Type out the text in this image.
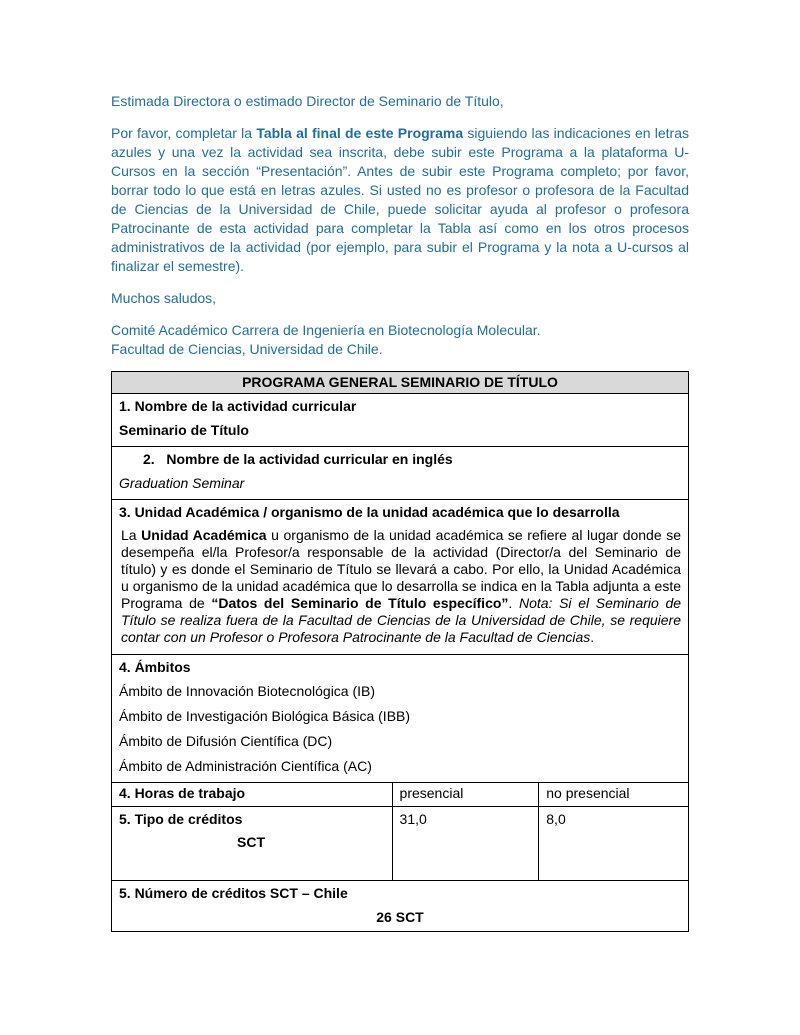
Estimada Directora o estimado Director de Seminario de Título,

Por favor, completar la Tabla al final de este Programa siguiendo las indicaciones en letras azules y una vez la actividad sea inscrita, debe subir este Programa a la plataforma U-Cursos en la sección “Presentación”. Antes de subir este Programa completo; por favor, borrar todo lo que está en letras azules. Si usted no es profesor o profesora de la Facultad de Ciencias de la Universidad de Chile, puede solicitar ayuda al profesor o profesora Patrocinante de esta actividad para completar la Tabla así como en los otros procesos administrativos de la actividad (por ejemplo, para subir el Programa y la nota a U-cursos al finalizar el semestre).

Muchos saludos,

Comité Académico Carrera de Ingeniería en Biotecnología Molecular.

Facultad de Ciencias, Universidad de Chile.

PROGRAMA GENERAL SEMINARIO DE TÍTULO		

1. Nombre de la actividad curricular
Seminario de Título		

2. Nombre de la actividad curricular en inglés
Graduation Seminar		

3. Unidad Académica / organismo de la unidad académica que lo desarrolla
La Unidad Académica u organismo de la unidad académica se refiere al lugar donde se desempeña el/la Profesor/a responsable de la actividad (Director/a del Seminario de título) y es donde el Seminario de Título se llevará a cabo. Por ello, la Unidad Académica u organismo de la unidad académica que lo desarrolla se indica en la Tabla adjunta a este Programa de “Datos del Seminario de Título específico”. Nota: Si el Seminario de Título se realiza fuera de la Facultad de Ciencias de la Universidad de Chile, se requiere contar con un Profesor o Profesora Patrocinante de la Facultad de Ciencias.		

4. Ámbitos
Ámbito de Innovación Biotecnológica (IB)
Ámbito de Investigación Biológica Básica (IBB)
Ámbito de Difusión Científica (DC)
Ámbito de Administración Científica (AC)		

4. Horas de trabajo	presencial	no presencial

5. Tipo de créditos
SCT	31,0	8,0

5. Número de créditos SCT – Chile
26 SCT		
